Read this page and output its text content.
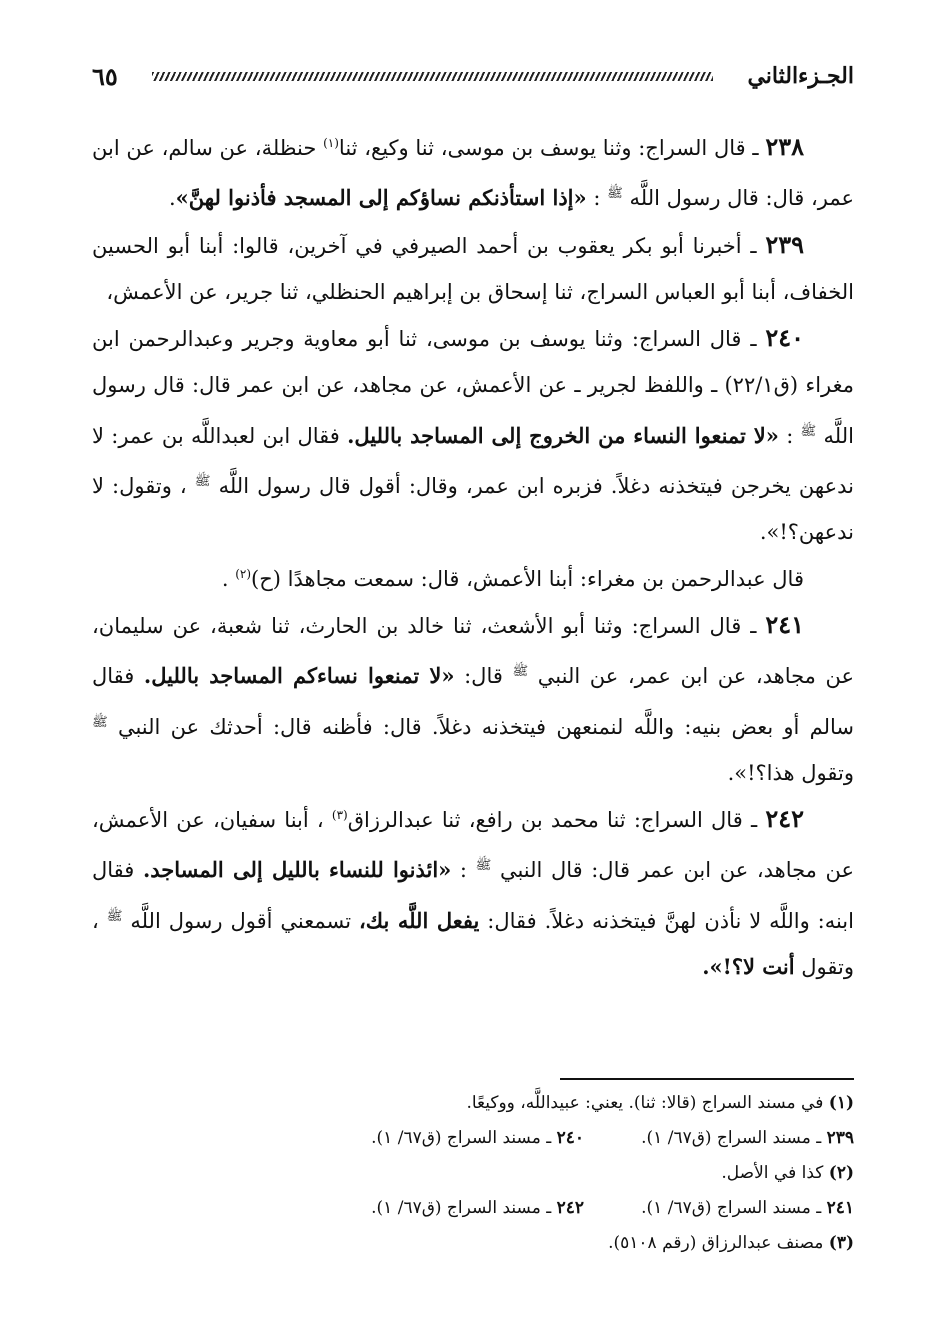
الجـزءالثاني
٦٥

٢٣٨ ـ قال السراج: وثنا يوسف بن موسى، ثنا وكيع، ثنا$^{(١)}$ حنظلة، عن سالم، عن ابن عمر، قال: قال رسول اللَّه $^ﷺ$ : «إذا استأذنكم نساؤكم إلى المسجد فأذنوا لهنَّ».

٢٣٩ ـ أخبرنا أبو بكر يعقوب بن أحمد الصيرفي في آخرين، قالوا: أبنا أبو الحسين الخفاف، أبنا أبو العباس السراج، ثنا إسحاق بن إبراهيم الحنظلي، ثنا جرير، عن الأعمش،

٢٤٠ ـ قال السراج: وثنا يوسف بن موسى، ثنا أبو معاوية وجرير وعبدالرحمن ابن مغراء (ق٢٢/١) ـ واللفظ لجرير ـ عن الأعمش، عن مجاهد، عن ابن عمر قال: قال رسول اللَّه $^ﷺ$ : «لا تمنعوا النساء من الخروج إلى المساجد بالليل. فقال ابن لعبداللَّه بن عمر: لا ندعهن يخرجن فيتخذنه دغلاً. فزبره ابن عمر، وقال: أقول قال رسول اللَّه $^ﷺ$ ، وتقول: لا ندعهن؟!».

قال عبدالرحمن بن مغراء: أبنا الأعمش، قال: سمعت مجاهدًا (ح)$^{(٢)}$ .

٢٤١ ـ قال السراج: وثنا أبو الأشعث، ثنا خالد بن الحارث، ثنا شعبة، عن سليمان، عن مجاهد، عن ابن عمر، عن النبي $^ﷺ$ قال: «لا تمنعوا نساءكم المساجد بالليل. فقال سالم أو بعض بنيه: واللَّه لنمنعهن فيتخذنه دغلاً. قال: فأظنه قال: أحدثك عن النبي $^ﷺ$ وتقول هذا؟!».

٢٤٢ ـ قال السراج: ثنا محمد بن رافع، ثنا عبدالرزاق$^{(٣)}$ ، أبنا سفيان، عن الأعمش، عن مجاهد، عن ابن عمر قال: قال النبي $^ﷺ$ : «ائذنوا للنساء بالليل إلى المساجد. فقال ابنه: واللَّه لا نأذن لهنَّ فيتخذنه دغلاً. فقال: يفعل اللَّه بك، تسمعني أقول رسول اللَّه $^ﷺ$ ، وتقول أنت لا؟!».

(١) في مسند السراج (قالا: ثنا). يعني: عبيداللَّه، ووكيعًا.

٢٣٩ ـ مسند السراج (ق٦٧/ ١).
٢٤٠ ـ مسند السراج (ق٦٧/ ١).

(٢) كذا في الأصل.

٢٤١ ـ مسند السراج (ق٦٧/ ١).
٢٤٢ ـ مسند السراج (ق٦٧/ ١).

(٣) مصنف عبدالرزاق (رقم ٥١٠٨).
